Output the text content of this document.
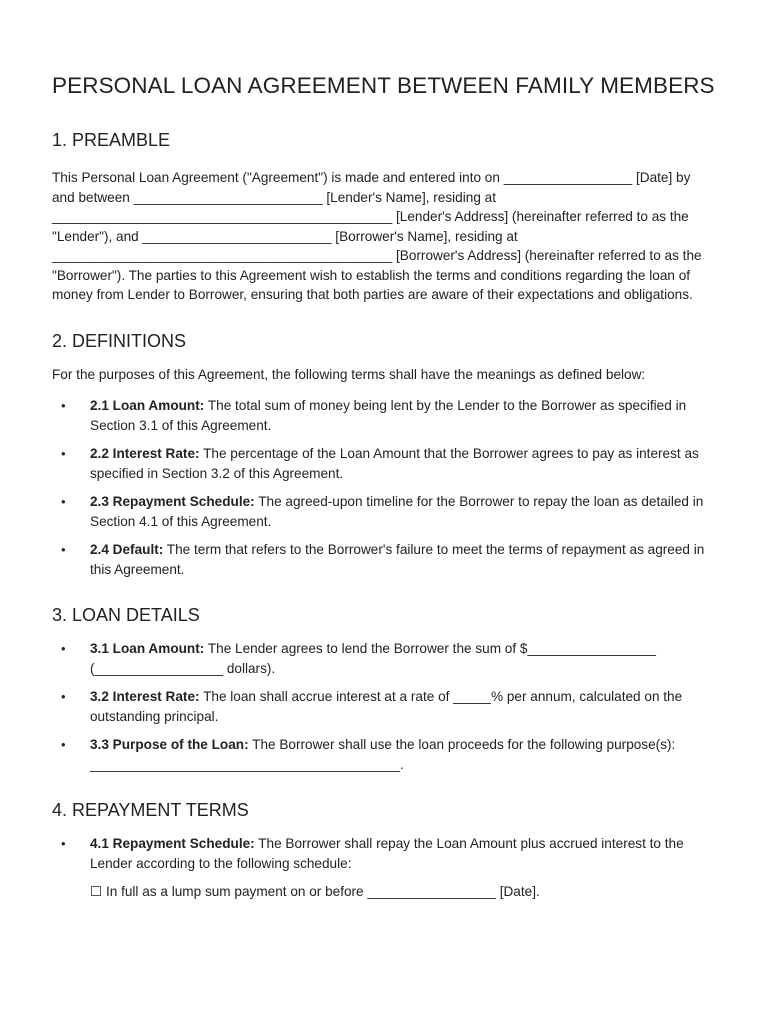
PERSONAL LOAN AGREEMENT BETWEEN FAMILY MEMBERS
1. PREAMBLE

This Personal Loan Agreement ("Agreement") is made and entered into on _________________ [Date] by and between _________________________ [Lender's Name], residing at _____________________________________________ [Lender's Address] (hereinafter referred to as the "Lender"), and _________________________ [Borrower's Name], residing at _____________________________________________ [Borrower's Address] (hereinafter referred to as the "Borrower"). The parties to this Agreement wish to establish the terms and conditions regarding the loan of money from Lender to Borrower, ensuring that both parties are aware of their expectations and obligations.

2. DEFINITIONS

For the purposes of this Agreement, the following terms shall have the meanings as defined below:

• 2.1 Loan Amount: The total sum of money being lent by the Lender to the Borrower as specified in Section 3.1 of this Agreement.
• 2.2 Interest Rate: The percentage of the Loan Amount that the Borrower agrees to pay as interest as specified in Section 3.2 of this Agreement.
• 2.3 Repayment Schedule: The agreed-upon timeline for the Borrower to repay the loan as detailed in Section 4.1 of this Agreement.
• 2.4 Default: The term that refers to the Borrower's failure to meet the terms of repayment as agreed in this Agreement.
3. LOAN DETAILS
• 3.1 Loan Amount: The Lender agrees to lend the Borrower the sum of $_________________ (_________________ dollars).
• 3.2 Interest Rate: The loan shall accrue interest at a rate of _____% per annum, calculated on the outstanding principal.
• 3.3 Purpose of the Loan: The Borrower shall use the loan proceeds for the following purpose(s): _________________________________________.
4. REPAYMENT TERMS
• 4.1 Repayment Schedule: The Borrower shall repay the Loan Amount plus accrued interest to the Lender according to the following schedule:

☐ In full as a lump sum payment on or before _________________ [Date].
